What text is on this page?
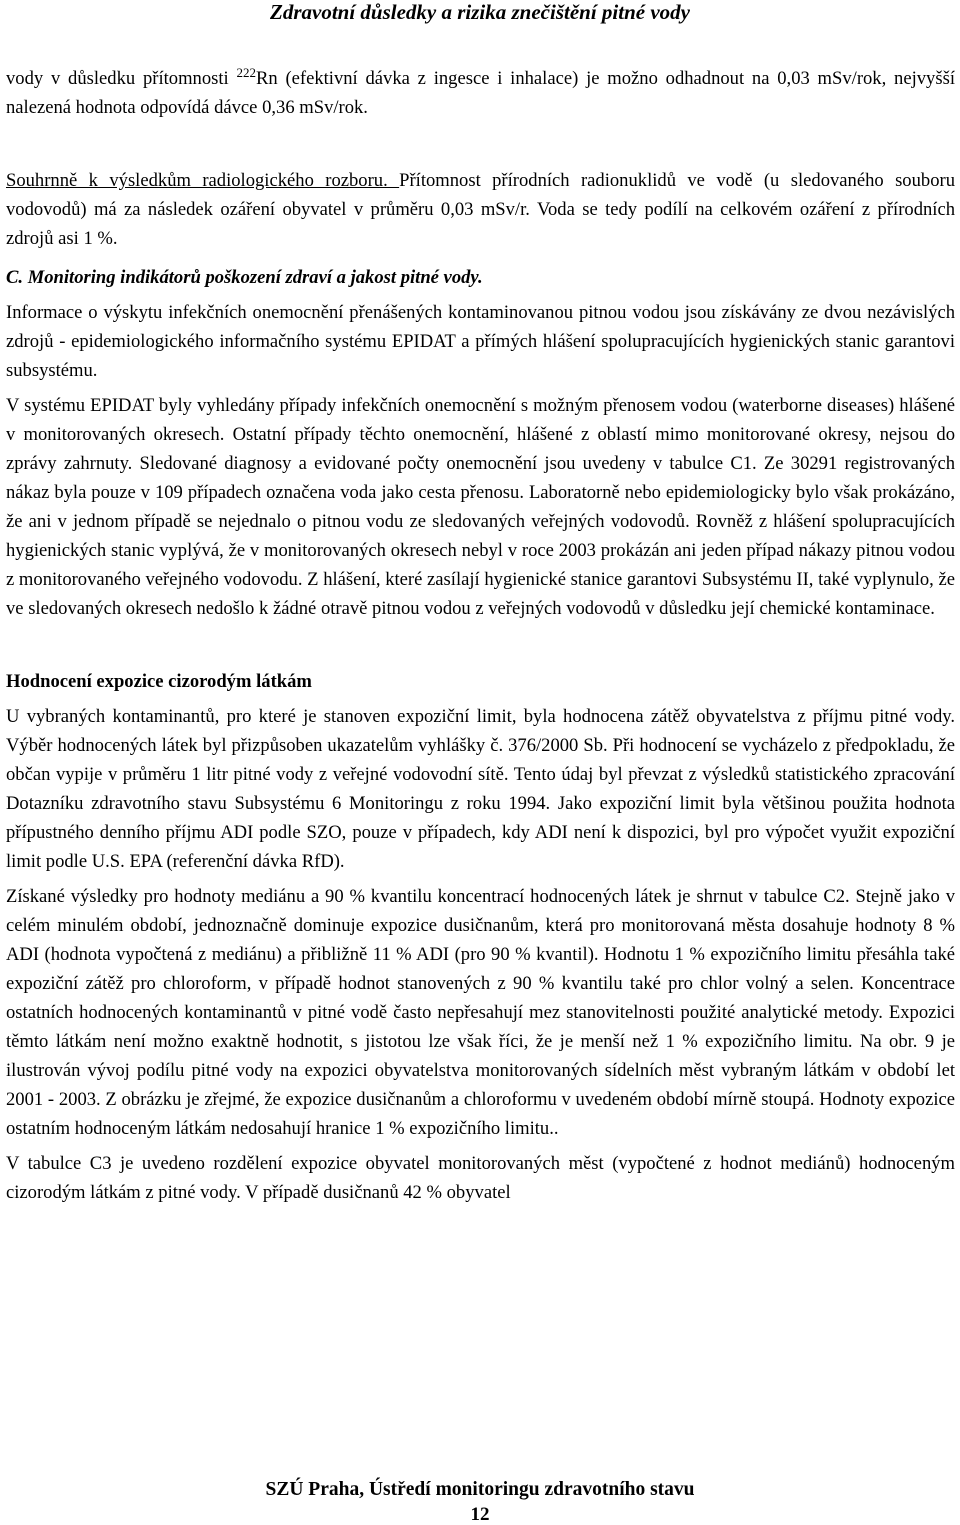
Zdravotní důsledky a rizika znečištění pitné vody

vody v důsledku přítomnosti $^{222}$Rn (efektivní dávka z ingesce i inhalace) je možno odhadnout na 0,03 mSv/rok, nejvyšší nalezená hodnota odpovídá dávce 0,36 mSv/rok.

Souhrnně k výsledkům radiologického rozboru. Přítomnost přírodních radionuklidů ve vodě (u sledovaného souboru vodovodů) má za následek ozáření obyvatel v průměru 0,03 mSv/r. Voda se tedy podílí na celkovém ozáření z přírodních zdrojů asi 1 %.

C. Monitoring indikátorů poškození zdraví a jakost pitné vody.

Informace o výskytu infekčních onemocnění přenášených kontaminovanou pitnou vodou jsou získávány ze dvou nezávislých zdrojů - epidemiologického informačního systému EPIDAT a přímých hlášení spolupracujících hygienických stanic garantovi subsystému.

V systému EPIDAT byly vyhledány případy infekčních onemocnění s možným přenosem vodou (waterborne diseases) hlášené v monitorovaných okresech. Ostatní případy těchto onemocnění, hlášené z oblastí mimo monitorované okresy, nejsou do zprávy zahrnuty. Sledované diagnosy a evidované počty onemocnění jsou uvedeny v tabulce C1. Ze 30291 registrovaných nákaz byla pouze v 109 případech označena voda jako cesta přenosu. Laboratorně nebo epidemiologicky bylo však prokázáno, že ani v jednom případě se nejednalo o pitnou vodu ze sledovaných veřejných vodovodů. Rovněž z hlášení spolupracujících hygienických stanic vyplývá, že v monitorovaných okresech nebyl v roce 2003 prokázán ani jeden případ nákazy pitnou vodou z monitorovaného veřejného vodovodu. Z hlášení, které zasílají hygienické stanice garantovi Subsystému II, také vyplynulo, že ve sledovaných okresech nedošlo k žádné otravě pitnou vodou z veřejných vodovodů v důsledku její chemické kontaminace.

Hodnocení expozice cizorodým látkám

U vybraných kontaminantů, pro které je stanoven expoziční limit, byla hodnocena zátěž obyvatelstva z příjmu pitné vody. Výběr hodnocených látek byl přizpůsoben ukazatelům vyhlášky č. 376/2000 Sb. Při hodnocení se vycházelo z předpokladu, že občan vypije v průměru 1 litr pitné vody z veřejné vodovodní sítě. Tento údaj byl převzat z výsledků statistického zpracování Dotazníku zdravotního stavu Subsystému 6 Monitoringu z roku 1994. Jako expoziční limit byla většinou použita hodnota přípustného denního příjmu ADI podle SZO, pouze v případech, kdy ADI není k dispozici, byl pro výpočet využit expoziční limit podle U.S. EPA (referenční dávka RfD).

Získané výsledky pro hodnoty mediánu a 90 % kvantilu koncentrací hodnocených látek je shrnut v tabulce C2. Stejně jako v celém minulém období, jednoznačně dominuje expozice dusičnanům, která pro monitorovaná města dosahuje hodnoty 8 % ADI (hodnota vypočtená z mediánu) a přibližně 11 % ADI (pro 90 % kvantil). Hodnotu 1 % expozičního limitu přesáhla také expoziční zátěž pro chloroform, v případě hodnot stanovených z 90 % kvantilu také pro chlor volný a selen. Koncentrace ostatních hodnocených kontaminantů v pitné vodě často nepřesahují mez stanovitelnosti použité analytické metody. Expozici těmto látkám není možno exaktně hodnotit, s jistotou lze však říci, že je menší než 1 % expozičního limitu. Na obr. 9 je ilustrován vývoj podílu pitné vody na expozici obyvatelstva monitorovaných sídelních měst vybraným látkám v období let 2001 - 2003. Z obrázku je zřejmé, že expozice dusičnanům a chloroformu v uvedeném období mírně stoupá. Hodnoty expozice ostatním hodnoceným látkám nedosahují hranice 1 % expozičního limitu..

V tabulce C3 je uvedeno rozdělení expozice obyvatel monitorovaných měst (vypočtené z hodnot mediánů) hodnoceným cizorodým látkám z pitné vody. V případě dusičnanů 42 % obyvatel

SZÚ Praha, Ústředí monitoringu zdravotního stavu
12
